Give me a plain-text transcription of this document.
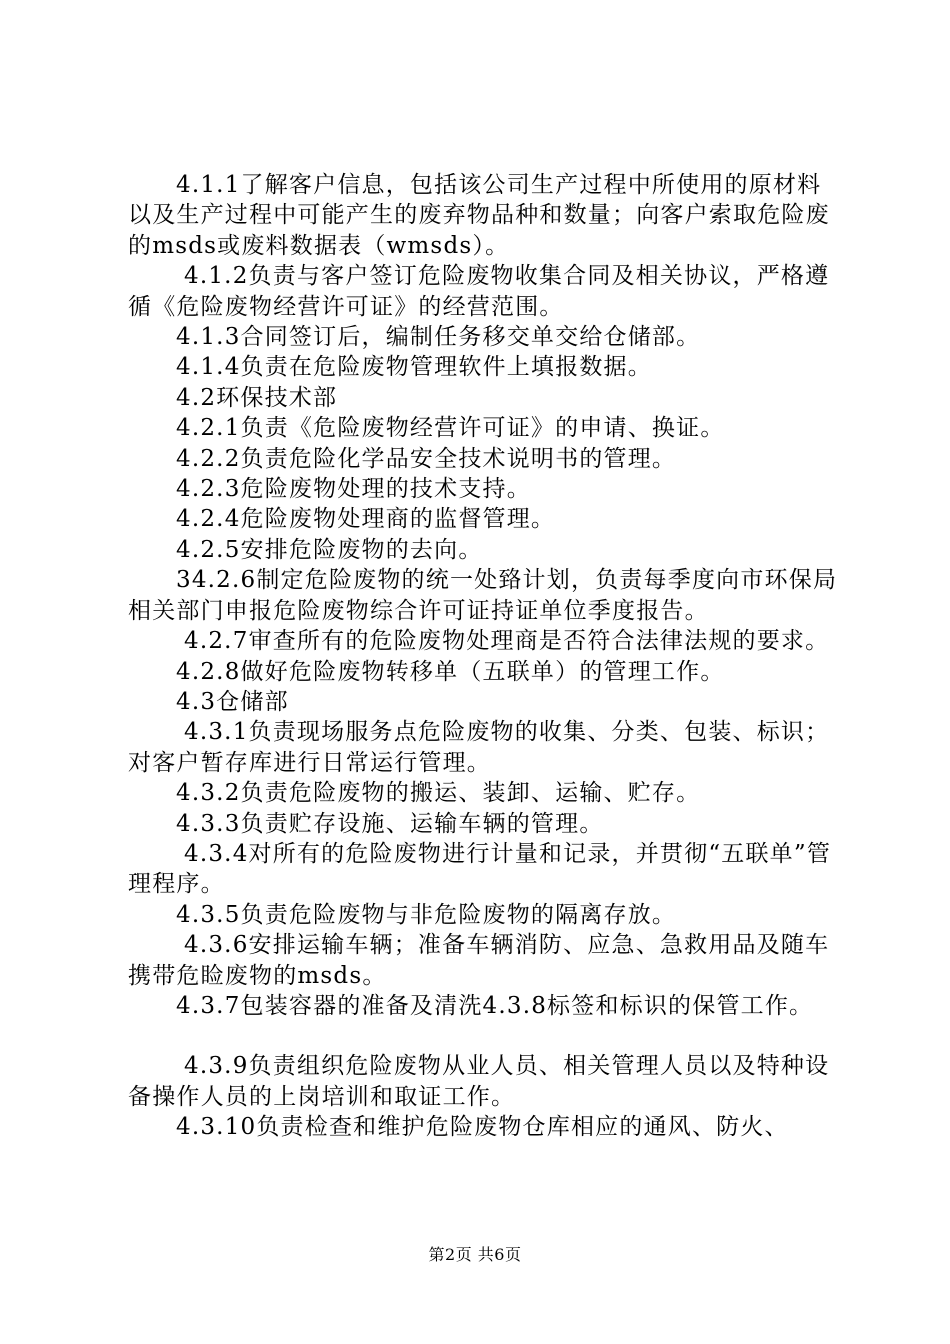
4.1.1了解客户信息，包括该公司生产过程中所使用的原材料以及生产过程中可能产生的废弃物品种和数量；向客户索取危险废的msds或废料数据表（wmsds）。

4.1.2负责与客户签订危险废物收集合同及相关协议，严格遵循《危险废物经营许可证》的经营范围。

4.1.3合同签订后，编制任务移交单交给仓储部。

4.1.4负责在危险废物管理软件上填报数据。

4.2环保技术部

4.2.1负责《危险废物经营许可证》的申请、换证。

4.2.2负责危险化学品安全技术说明书的管理。

4.2.3危险废物处理的技术支持。

4.2.4危险废物处理商的监督管理。

4.2.5安排危险废物的去向。

34.2.6制定危险废物的统一处臵计划，负责每季度向市环保局相关部门申报危险废物综合许可证持证单位季度报告。

4.2.7审查所有的危险废物处理商是否符合法律法规的要求。

4.2.8做好危险废物转移单（五联单）的管理工作。

4.3仓储部

4.3.1负责现场服务点危险废物的收集、分类、包装、标识；对客户暂存库进行日常运行管理。

4.3.2负责危险废物的搬运、装卸、运输、贮存。

4.3.3负责贮存设施、运输车辆的管理。

4.3.4对所有的危险废物进行计量和记录，并贯彻“五联单”管理程序。

4.3.5负责危险废物与非危险废物的隔离存放。

4.3.6安排运输车辆；准备车辆消防、应急、急救用品及随车携带危睑废物的msds。

4.3.7包装容器的准备及清洗4.3.8标签和标识的保管工作。

4.3.9负责组织危险废物从业人员、相关管理人员以及特种设备操作人员的上岗培训和取证工作。

4.3.10负责检查和维护危险废物仓库相应的通风、防火、

第2页 共6页
